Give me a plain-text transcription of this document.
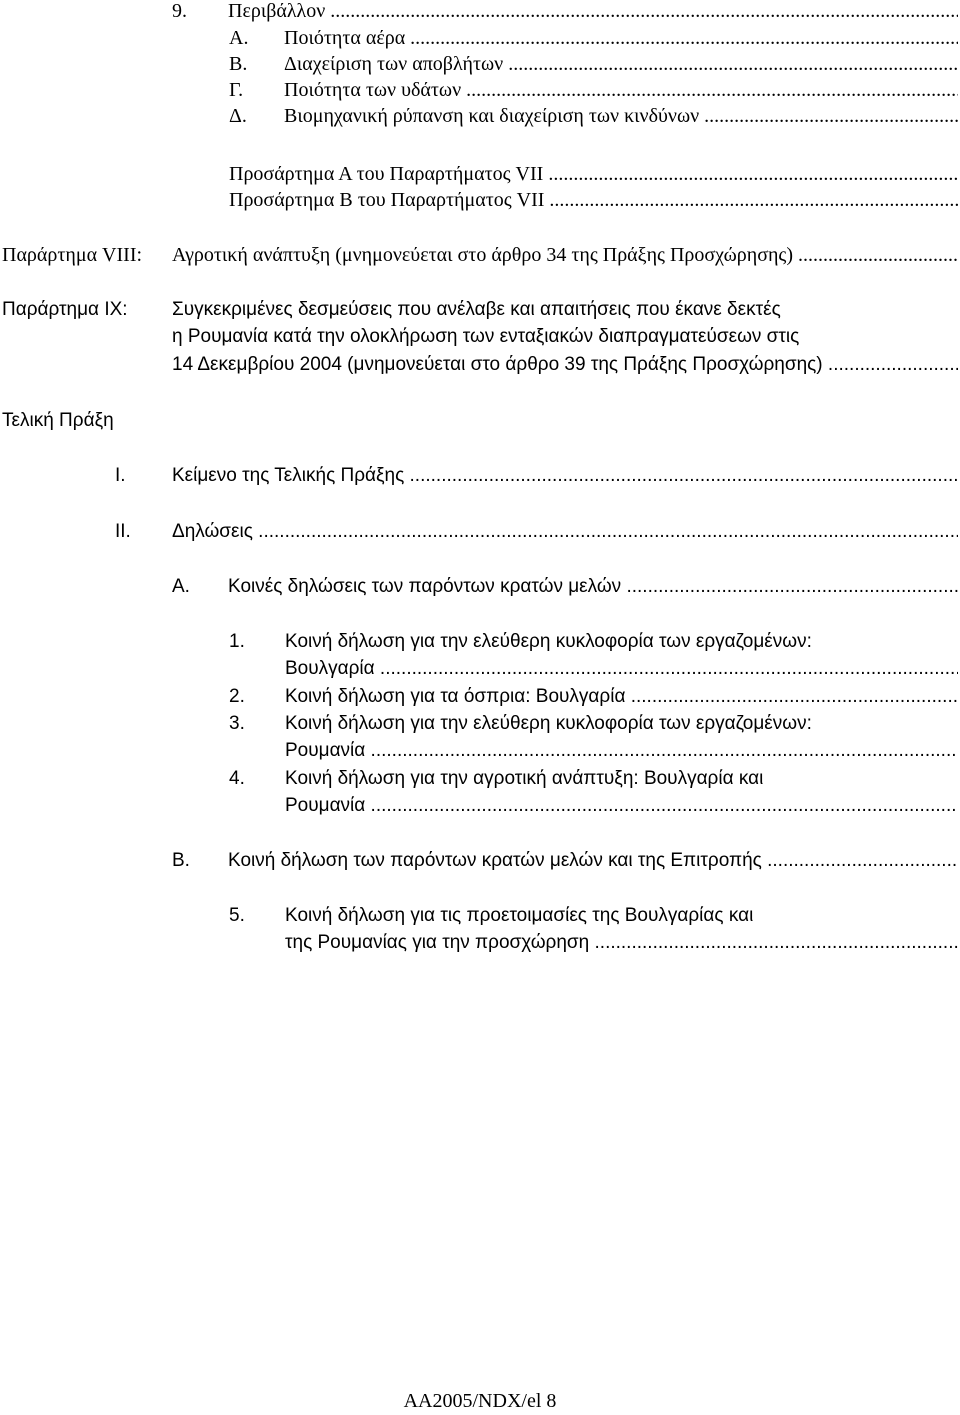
9. Περιβάλλον .....
Α. Ποιότητα αέρα .....
Β. Διαχείριση των αποβλήτων .....
Γ. Ποιότητα των υδάτων .....
Δ. Βιομηχανική ρύπανση και διαχείριση των κινδύνων .....
Προσάρτημα Α του Παραρτήματος VII .....
Προσάρτημα Β του Παραρτήματος VII .....
Παράρτημα VIII: Αγροτική ανάπτυξη (μνημονεύεται στο άρθρο 34 της Πράξης Προσχώρησης) .....
Παράρτημα IX: Συγκεκριμένες δεσμεύσεις που ανέλαβε και απαιτήσεις που έκανε δεκτές
η Ρουμανία κατά την ολοκλήρωση των ενταξιακών διαπραγματεύσεων στις
14 Δεκεμβρίου 2004 (μνημονεύεται στο άρθρο 39 της Πράξης Προσχώρησης) .....
Τελική Πράξη
I. Κείμενο της Τελικής Πράξης .....
II. Δηλώσεις .....
Α. Κοινές δηλώσεις των παρόντων κρατών μελών .....
1. Κοινή δήλωση για την ελεύθερη κυκλοφορία των εργαζομένων:
Βουλγαρία .....
2. Κοινή δήλωση για τα όσπρια: Βουλγαρία .....
3. Κοινή δήλωση για την ελεύθερη κυκλοφορία των εργαζομένων:
Ρουμανία .....
4. Κοινή δήλωση για την αγροτική ανάπτυξη: Βουλγαρία και
Ρουμανία .....
Β. Κοινή δήλωση των παρόντων κρατών μελών και της Επιτροπής .....
5. Κοινή δήλωση για τις προετοιμασίες της Βουλγαρίας και
της Ρουμανίας για την προσχώρηση .....
AA2005/NDX/el 8
